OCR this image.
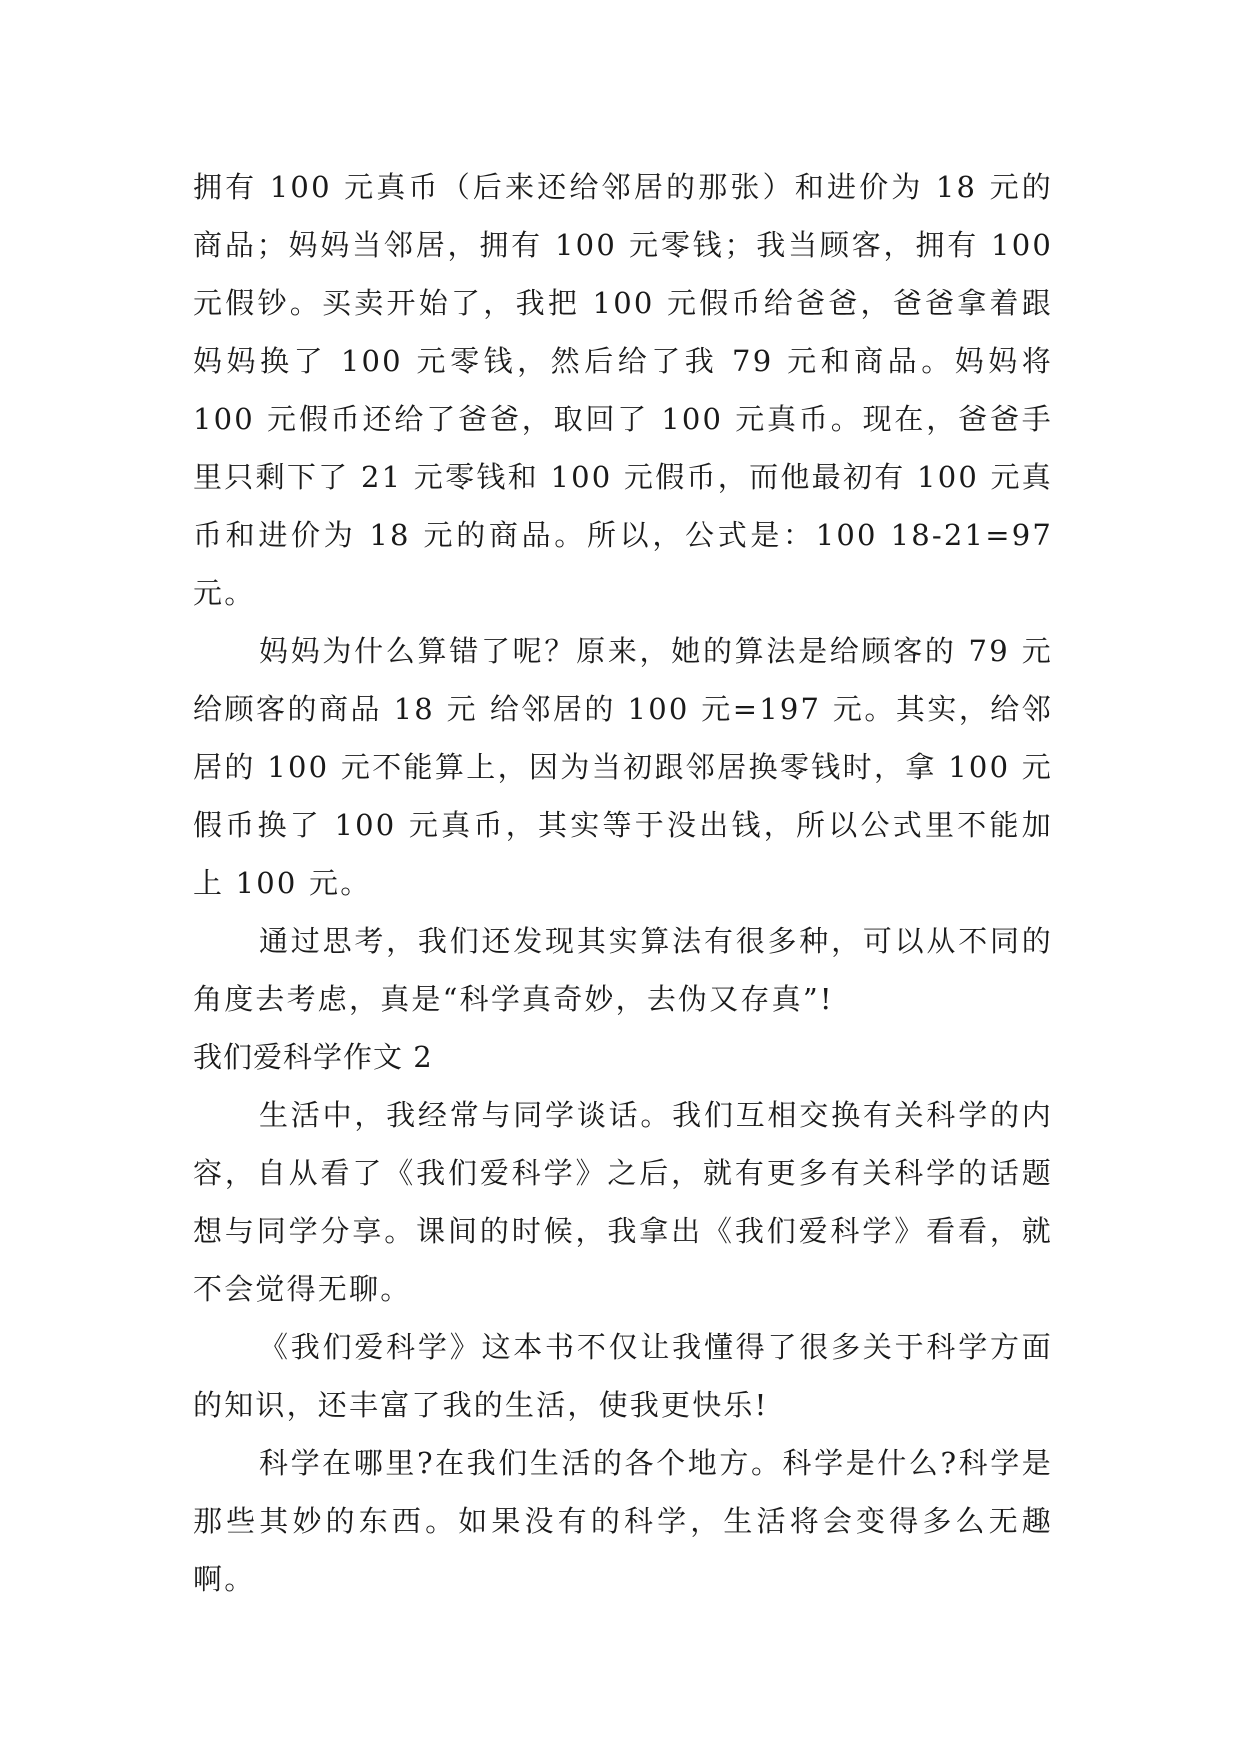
拥有 100 元真币（后来还给邻居的那张）和进价为 18 元的商品；妈妈当邻居，拥有 100 元零钱；我当顾客，拥有 100 元假钞。买卖开始了，我把 100 元假币给爸爸，爸爸拿着跟妈妈换了 100 元零钱，然后给了我 79 元和商品。妈妈将 100 元假币还给了爸爸，取回了 100 元真币。现在，爸爸手里只剩下了 21 元零钱和 100 元假币，而他最初有 100 元真币和进价为 18 元的商品。所以，公式是：100 18-21=97 元。

妈妈为什么算错了呢？原来，她的算法是给顾客的 79 元 给顾客的商品 18 元 给邻居的 100 元=197 元。其实，给邻居的 100 元不能算上，因为当初跟邻居换零钱时，拿 100 元假币换了 100 元真币，其实等于没出钱，所以公式里不能加上 100 元。

通过思考，我们还发现其实算法有很多种，可以从不同的角度去考虑，真是“科学真奇妙，去伪又存真”!

我们爱科学作文 2

生活中，我经常与同学谈话。我们互相交换有关科学的内容，自从看了《我们爱科学》之后，就有更多有关科学的话题想与同学分享。课间的时候，我拿出《我们爱科学》看看，就不会觉得无聊。

《我们爱科学》这本书不仅让我懂得了很多关于科学方面的知识，还丰富了我的生活，使我更快乐!

科学在哪里?在我们生活的各个地方。科学是什么?科学是那些其妙的东西。如果没有的科学，生活将会变得多么无趣啊。
